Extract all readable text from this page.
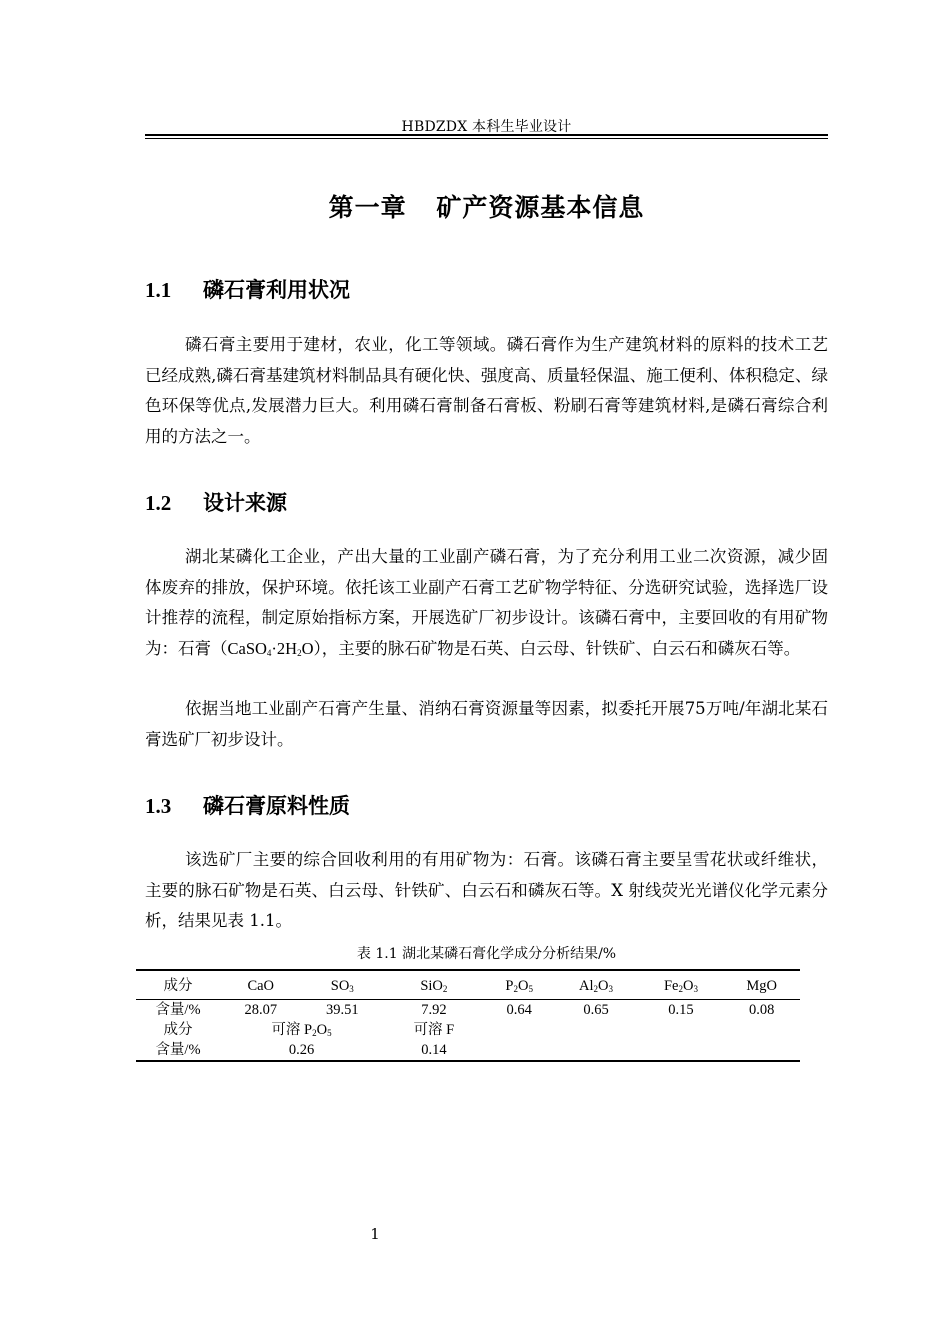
HBDZDX 本科生毕业设计
第一章 矿产资源基本信息
1.1 磷石膏利用状况

磷石膏主要用于建材，农业，化工等领域。磷石膏作为生产建筑材料的原料的技术工艺已经成熟,磷石膏基建筑材料制品具有硬化快、强度高、质量轻保温、施工便利、体积稳定、绿色环保等优点,发展潜力巨大。利用磷石膏制备石膏板、粉刷石膏等建筑材料,是磷石膏综合利用的方法之一。

1.2 设计来源

湖北某磷化工企业，产出大量的工业副产磷石膏，为了充分利用工业二次资源，减少固体废弃的排放，保护环境。依托该工业副产石膏工艺矿物学特征、分选研究试验，选择选厂设计推荐的流程，制定原始指标方案，开展选矿厂初步设计。该磷石膏中，主要回收的有用矿物为：石膏$(CaSO_4\cdot 2H_2O)$，主要的脉石矿物是石英、白云母、针铁矿、白云石和磷灰石等。

依据当地工业副产石膏产生量、消纳石膏资源量等因素，拟委托开展75万吨/年湖北某石膏选矿厂初步设计。

1.3 磷石膏原料性质

该选矿厂主要的综合回收利用的有用矿物为：石膏。该磷石膏主要呈雪花状或纤维状，主要的脉石矿物是石英、白云母、针铁矿、白云石和磷灰石等。X 射线荧光光谱仪化学元素分析，结果见表 1.1。

表 1.1 湖北某磷石膏化学成分分析结果/%
成分	CaO	$SO_3$	SiO$_2$	$P_2O_5$	$Al_2O_3$	$Fe_2O_3$	MgO
含量/%	28.07	39.51	7.92	0.64	0.65	0.15	0.08
成分	可溶 $P_2O_5$		可溶 F				
含量/%	0.26		0.14				
1
